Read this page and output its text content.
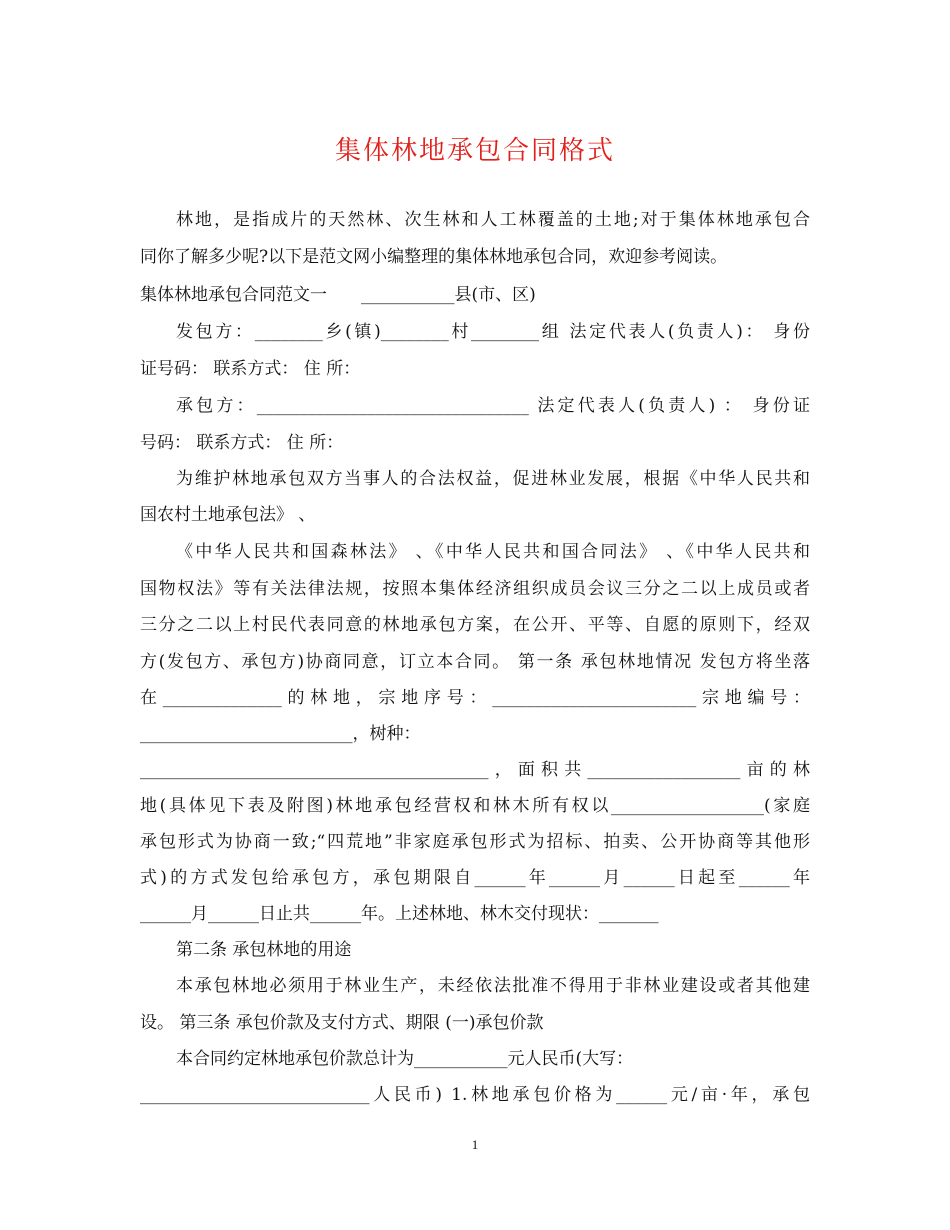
集体林地承包合同格式
林地，是指成片的天然林、次生林和人工林覆盖的土地;对于集体林地承包合
同你了解多少呢?以下是范文网小编整理的集体林地承包合同，欢迎参考阅读。
集体林地承包合同范文一　　___________县(市、区)
发包方：________乡(镇)________村________组 法定代表人(负责人)： 身份
证号码： 联系方式： 住 所：
承包方：________________________________ 法定代表人(负责人) ： 身份证
号码： 联系方式： 住 所：
为维护林地承包双方当事人的合法权益，促进林业发展，根据《中华人民共和
国农村土地承包法》 、
《中华人民共和国森林法》 、《中华人民共和国合同法》 、《中华人民共和
国物权法》等有关法律法规，按照本集体经济组织成员会议三分之二以上成员或者
三分之二以上村民代表同意的林地承包方案，在公开、平等、自愿的原则下，经双
方(发包方、承包方)协商同意，订立本合同。 第一条 承包林地情况 发包方将坐落
在______________的林地，宗地序号：________________________宗地编号：
_________________________，树种：
_________________________________________，面积共__________________亩的林
地(具体见下表及附图)林地承包经营权和林木所有权以__________________(家庭
承包形式为协商一致;“四荒地”非家庭承包形式为招标、拍卖、公开协商等其他形
式)的方式发包给承包方，承包期限自______年______月______日起至______年
______月______日止共______年。上述林地、林木交付现状：_______
第二条 承包林地的用途
本承包林地必须用于林业生产，未经依法批准不得用于非林业建设或者其他建
设。 第三条 承包价款及支付方式、期限 (一)承包价款
本合同约定林地承包价款总计为___________元人民币(大写：
___________________________人民币) 1.林地承包价格为______元/亩·年，承包
1
